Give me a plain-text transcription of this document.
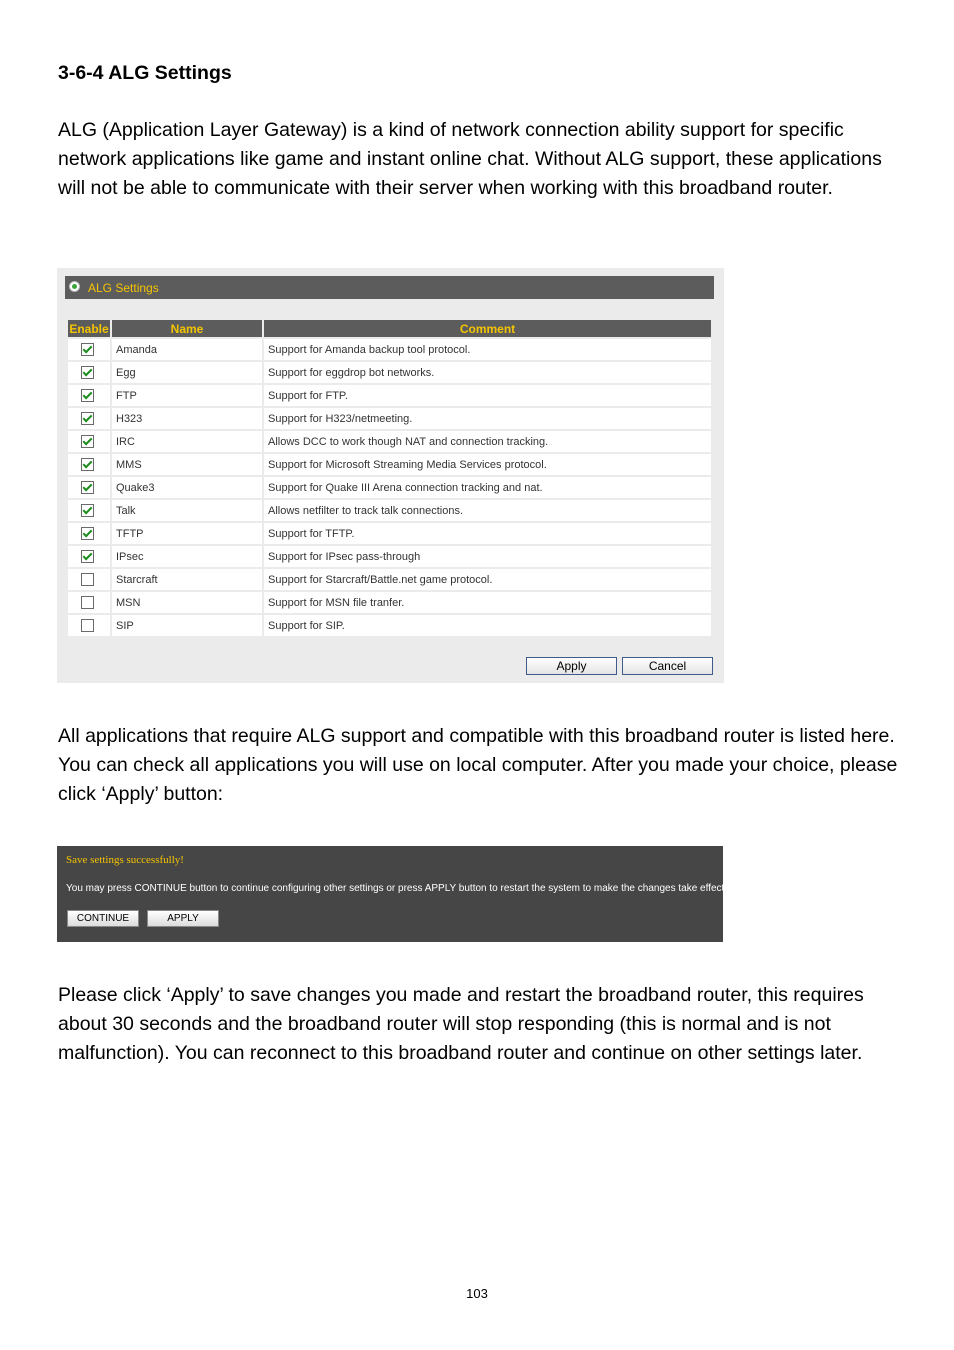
3-6-4 ALG Settings
ALG (Application Layer Gateway) is a kind of network connection ability support for specific network applications like game and instant online chat. Without ALG support, these applications will not be able to communicate with their server when working with this broadband router.
ALG Settings
Enable	Name	Comment
	Amanda	Support for Amanda backup tool protocol.
	Egg	Support for eggdrop bot networks.
	FTP	Support for FTP.
	H323	Support for H323/netmeeting.
	IRC	Allows DCC to work though NAT and connection tracking.
	MMS	Support for Microsoft Streaming Media Services protocol.
	Quake3	Support for Quake III Arena connection tracking and nat.
	Talk	Allows netfilter to track talk connections.
	TFTP	Support for TFTP.
	IPsec	Support for IPsec pass-through
	Starcraft	Support for Starcraft/Battle.net game protocol.
	MSN	Support for MSN file tranfer.
	SIP	Support for SIP.
Apply	Cancel
All applications that require ALG support and compatible with this broadband router is listed here. You can check all applications you will use on local computer. After you made your choice, please click ‘Apply’ button:
Save settings successfully!
You may press CONTINUE button to continue configuring other settings or press APPLY button to restart the system to make the changes take effect.
CONTINUE	APPLY
Please click ‘Apply’ to save changes you made and restart the broadband router, this requires about 30 seconds and the broadband router will stop responding (this is normal and is not malfunction). You can reconnect to this broadband router and continue on other settings later.
103
